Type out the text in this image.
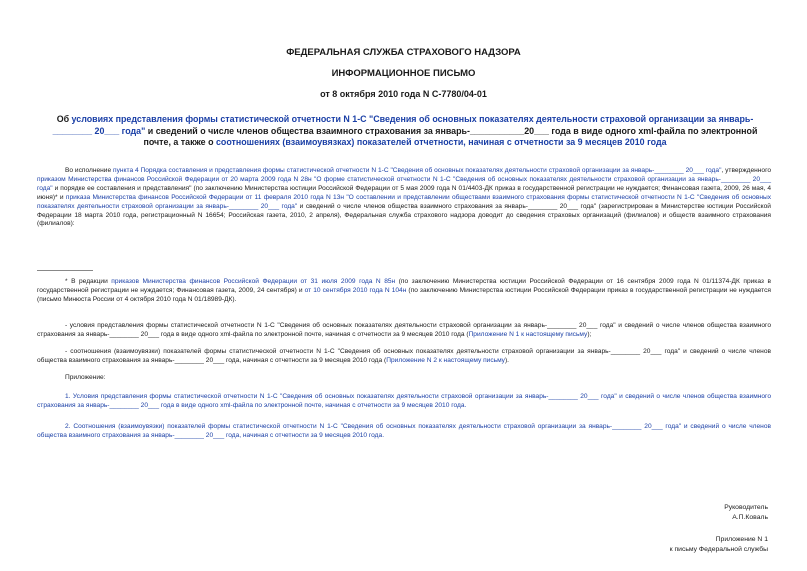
ФЕДЕРАЛЬНАЯ СЛУЖБА СТРАХОВОГО НАДЗОРА
ИНФОРМАЦИОННОЕ ПИСЬМО
от 8 октября 2010 года N С-7780/04-01
Об условиях представления формы статистической отчетности N 1-С "Сведения об основных показателях деятельности страховой организации за январь-________ 20___ года" и сведений о числе членов общества взаимного страхования за январь-___________20___ года в виде одного xml-файла по электронной почте, а также о соотношениях (взаимоувязках) показателей отчетности, начиная с отчетности за 9 месяцев 2010 года
Во исполнение пункта 4 Порядка составления и представления формы статистической отчетности N 1-С "Сведения об основных показателях деятельности страховой организации за январь-________ 20___ года", утвержденного приказом Министерства финансов Российской Федерации от 20 марта 2009 года N 28н "О форме статистической отчетности N 1-С "Сведения об основных показателях деятельности страховой организации за январь-________ 20___ года" и порядке ее составления и представления" (по заключению Министерства юстиции Российской Федерации от 5 мая 2009 года N 01/4403-ДК приказ в государственной регистрации не нуждается; Финансовая газета, 2009, 26 мая, 4 июня)* и приказа Министерства финансов Российской Федерации от 11 февраля 2010 года N 13н "О составлении и представлении обществами взаимного страхования формы статистической отчетности N 1-С "Сведения об основных показателях деятельности страховой организации за январь-________ 20___ года" и сведений о числе членов общества взаимного страхования за январь-________ 20___ года" (зарегистрирован в Министерстве юстиции Российской Федерации 18 марта 2010 года, регистрационный N 16654; Российская газета, 2010, 2 апреля), Федеральная служба страхового надзора доводит до сведения страховых организаций (филиалов) и обществ взаимного страхования (филиалов):
* В редакции приказов Министерства финансов Российской Федерации от 31 июля 2009 года N 85н (по заключению Министерства юстиции Российской Федерации от 16 сентября 2009 года N 01/11374-ДК приказ в государственной регистрации не нуждается; Финансовая газета, 2009, 24 сентября) и от 10 сентября 2010 года N 104н (по заключению Министерства юстиции Российской Федерации приказ в государственной регистрации не нуждается (письмо Минюста России от 4 октября 2010 года N 01/18989-ДК).
- условия представления формы статистической отчетности N 1-С "Сведения об основных показателях деятельности страховой организации за январь-________ 20___ года" и сведений о числе членов общества взаимного страхования за январь-________ 20___ года в виде одного xml-файла по электронной почте, начиная с отчетности за 9 месяцев 2010 года (Приложение N 1 к настоящему письму);
- соотношения (взаимоувязки) показателей формы статистической отчетности N 1-С "Сведения об основных показателях деятельности страховой организации за январь-________ 20___ года" и сведений о числе членов общества взаимного страхования за январь-________ 20___ года, начиная с отчетности за 9 месяцев 2010 года (Приложение N 2 к настоящему письму).
Приложение:
1. Условия представления формы статистической отчетности N 1-С "Сведения об основных показателях деятельности страховой организации за январь-________ 20___ года" и сведений о числе членов общества взаимного страхования за январь-________ 20___ года в виде одного xml-файла по электронной почте, начиная с отчетности за 9 месяцев 2010 года.
2. Соотношения (взаимоувязки) показателей формы статистической отчетности N 1-С "Сведения об основных показателях деятельности страховой организации за январь-________ 20___ года" и сведений о числе членов общества взаимного страхования за январь-________ 20___ года, начиная с отчетности за 9 месяцев 2010 года.
Руководитель
А.П.Коваль
Приложение N 1
к письму Федеральной службы
